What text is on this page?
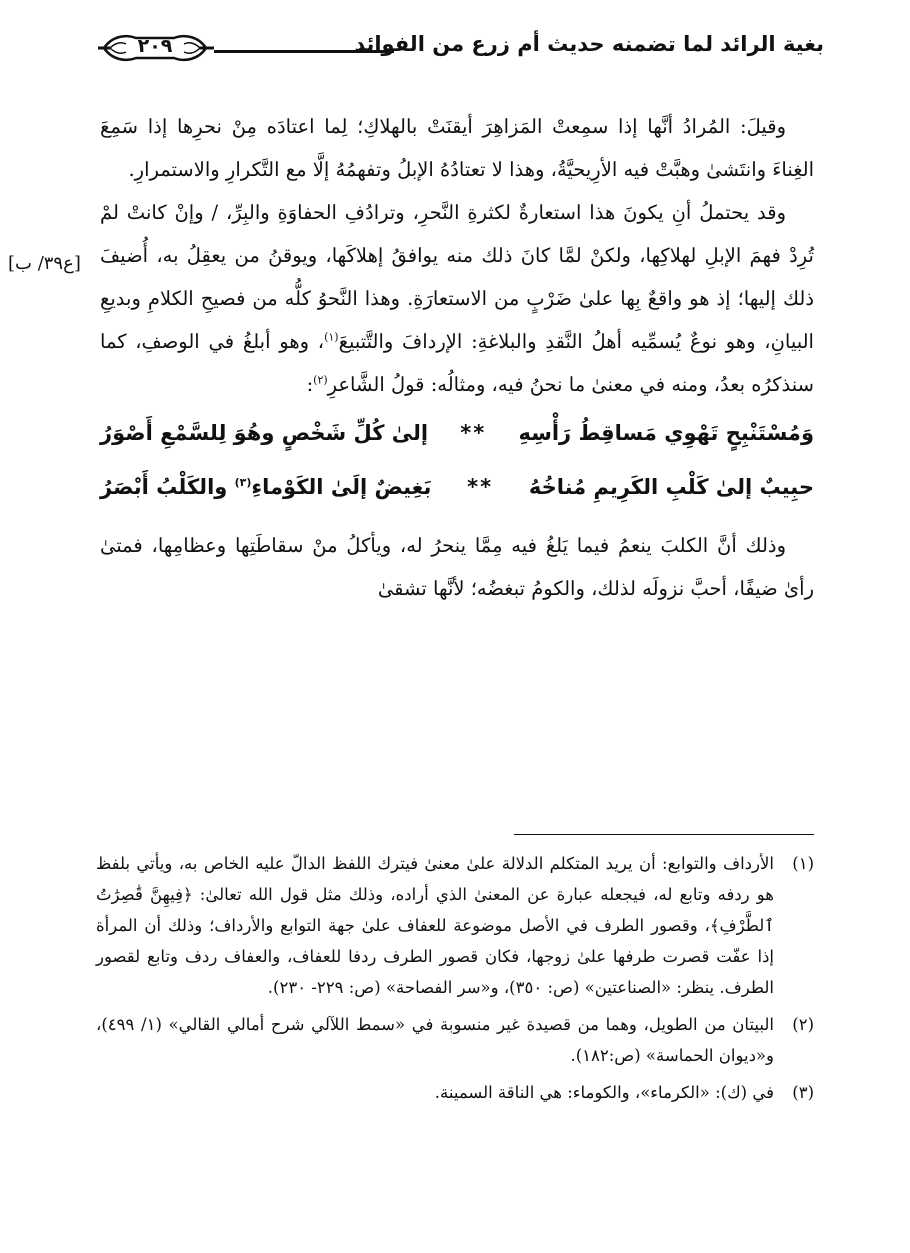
بغية الرائد لما تضمنه حديث أم زرع من الفوائد
٢٠٩

وقيلَ: المُرادُ أنَّها إذا سمِعتْ المَزاهِرَ أيقنَتْ بالهلاكِ؛ لِما اعتادَه مِنْ نحرِها إذا سَمِعَ الغِناءَ وانتَشىٰ وهبَّتْ فيه الأرِيحيَّةُ، وهذا لا تعتادُهُ الإبلُ وتفهمُهُ إلَّا مع التَّكرارِ والاستمرارِ.

[ع٣٩/ ب]

وقد يحتملُ أنِ يكونَ هذا استعارةٌ لكثرةِ النَّحرِ، وترادُفِ الحفاوَةِ والبِرِّ، / وإنْ كانتْ لمْ تُرِدْ فهمَ الإبلِ لهلاكِها، ولكنْ لمَّا كانَ ذلك منه يوافقُ إهلاكَها، ويوقنُ من يعقِلُ به، أُضيفَ ذلك إليها؛ إذ هو واقعٌ بِها علىٰ ضَرْبٍ من الاستعارَةِ. وهذا النَّحوُ كلُّه من فصيحِ الكلامِ وبديعِ البيانِ، وهو نوعٌ يُسمِّيه أهلُ النَّقدِ والبلاغةِ: الإردافَ والتَّتبيعَ$^{(١)}$، وهو أبلغُ في الوصفِ، كما سنذكرُه بعدُ، ومنه في معنىٰ ما نحنُ فيه، ومثالُه: قولُ الشَّاعرِ$^{(٢)}$:

وَمُسْتَنْبِحٍ تَهْوِي مَساقِطُ رَأْسِهِ
**
إلىٰ كُلِّ شَخْصٍ وهُوَ لِلسَّمْعِ أَصْوَرُ
حبِيبٌ إلىٰ كَلْبِ الكَرِيمِ مُناخُهُ
**
بَغِيضٌ إلَىٰ الكَوْماءِ$^{(٣)}$ والكَلْبُ أَبْصَرُ

وذلك أنَّ الكلبَ ينعمُ فيما يَلغُ فيه مِمَّا ينحرُ له، ويأكلُ منْ سقاطَتِها وعظامِها، فمتىٰ رأىٰ ضيفًا، أحبَّ نزولَه لذلك، والكومُ تبغضُه؛ لأنَّها تشقىٰ

(١)
الأرداف والتوابع: أن يريد المتكلم الدلالة علىٰ معنىٰ فيترك اللفظ الدالّ عليه الخاص به، ويأتي بلفظ هو ردفه وتابع له، فيجعله عبارة عن المعنىٰ الذي أراده، وذلك مثل قول الله تعالىٰ: ﴿فِيهِنَّ قَٰصِرَٰتُ ٱلطَّرْفِ﴾، وقصور الطرف في الأصل موضوعة للعفاف علىٰ جهة التوابع والأرداف؛ وذلك أن المرأة إذا عفّت قصرت طرفها علىٰ زوجها، فكان قصور الطرف ردفا للعفاف، والعفاف ردف وتابع لقصور الطرف. ينظر: «الصناعتين» (ص: ٣٥٠)، و«سر الفصاحة» (ص: ٢٢٩- ٢٣٠).
(٢)
البيتان من الطويل، وهما من قصيدة غير منسوبة في «سمط اللآلي شرح أمالي القالي» (١/ ٤٩٩)، و«ديوان الحماسة» (ص:١٨٢).
(٣)
في (ك): «الكرماء»، والكوماء: هي الناقة السمينة.
